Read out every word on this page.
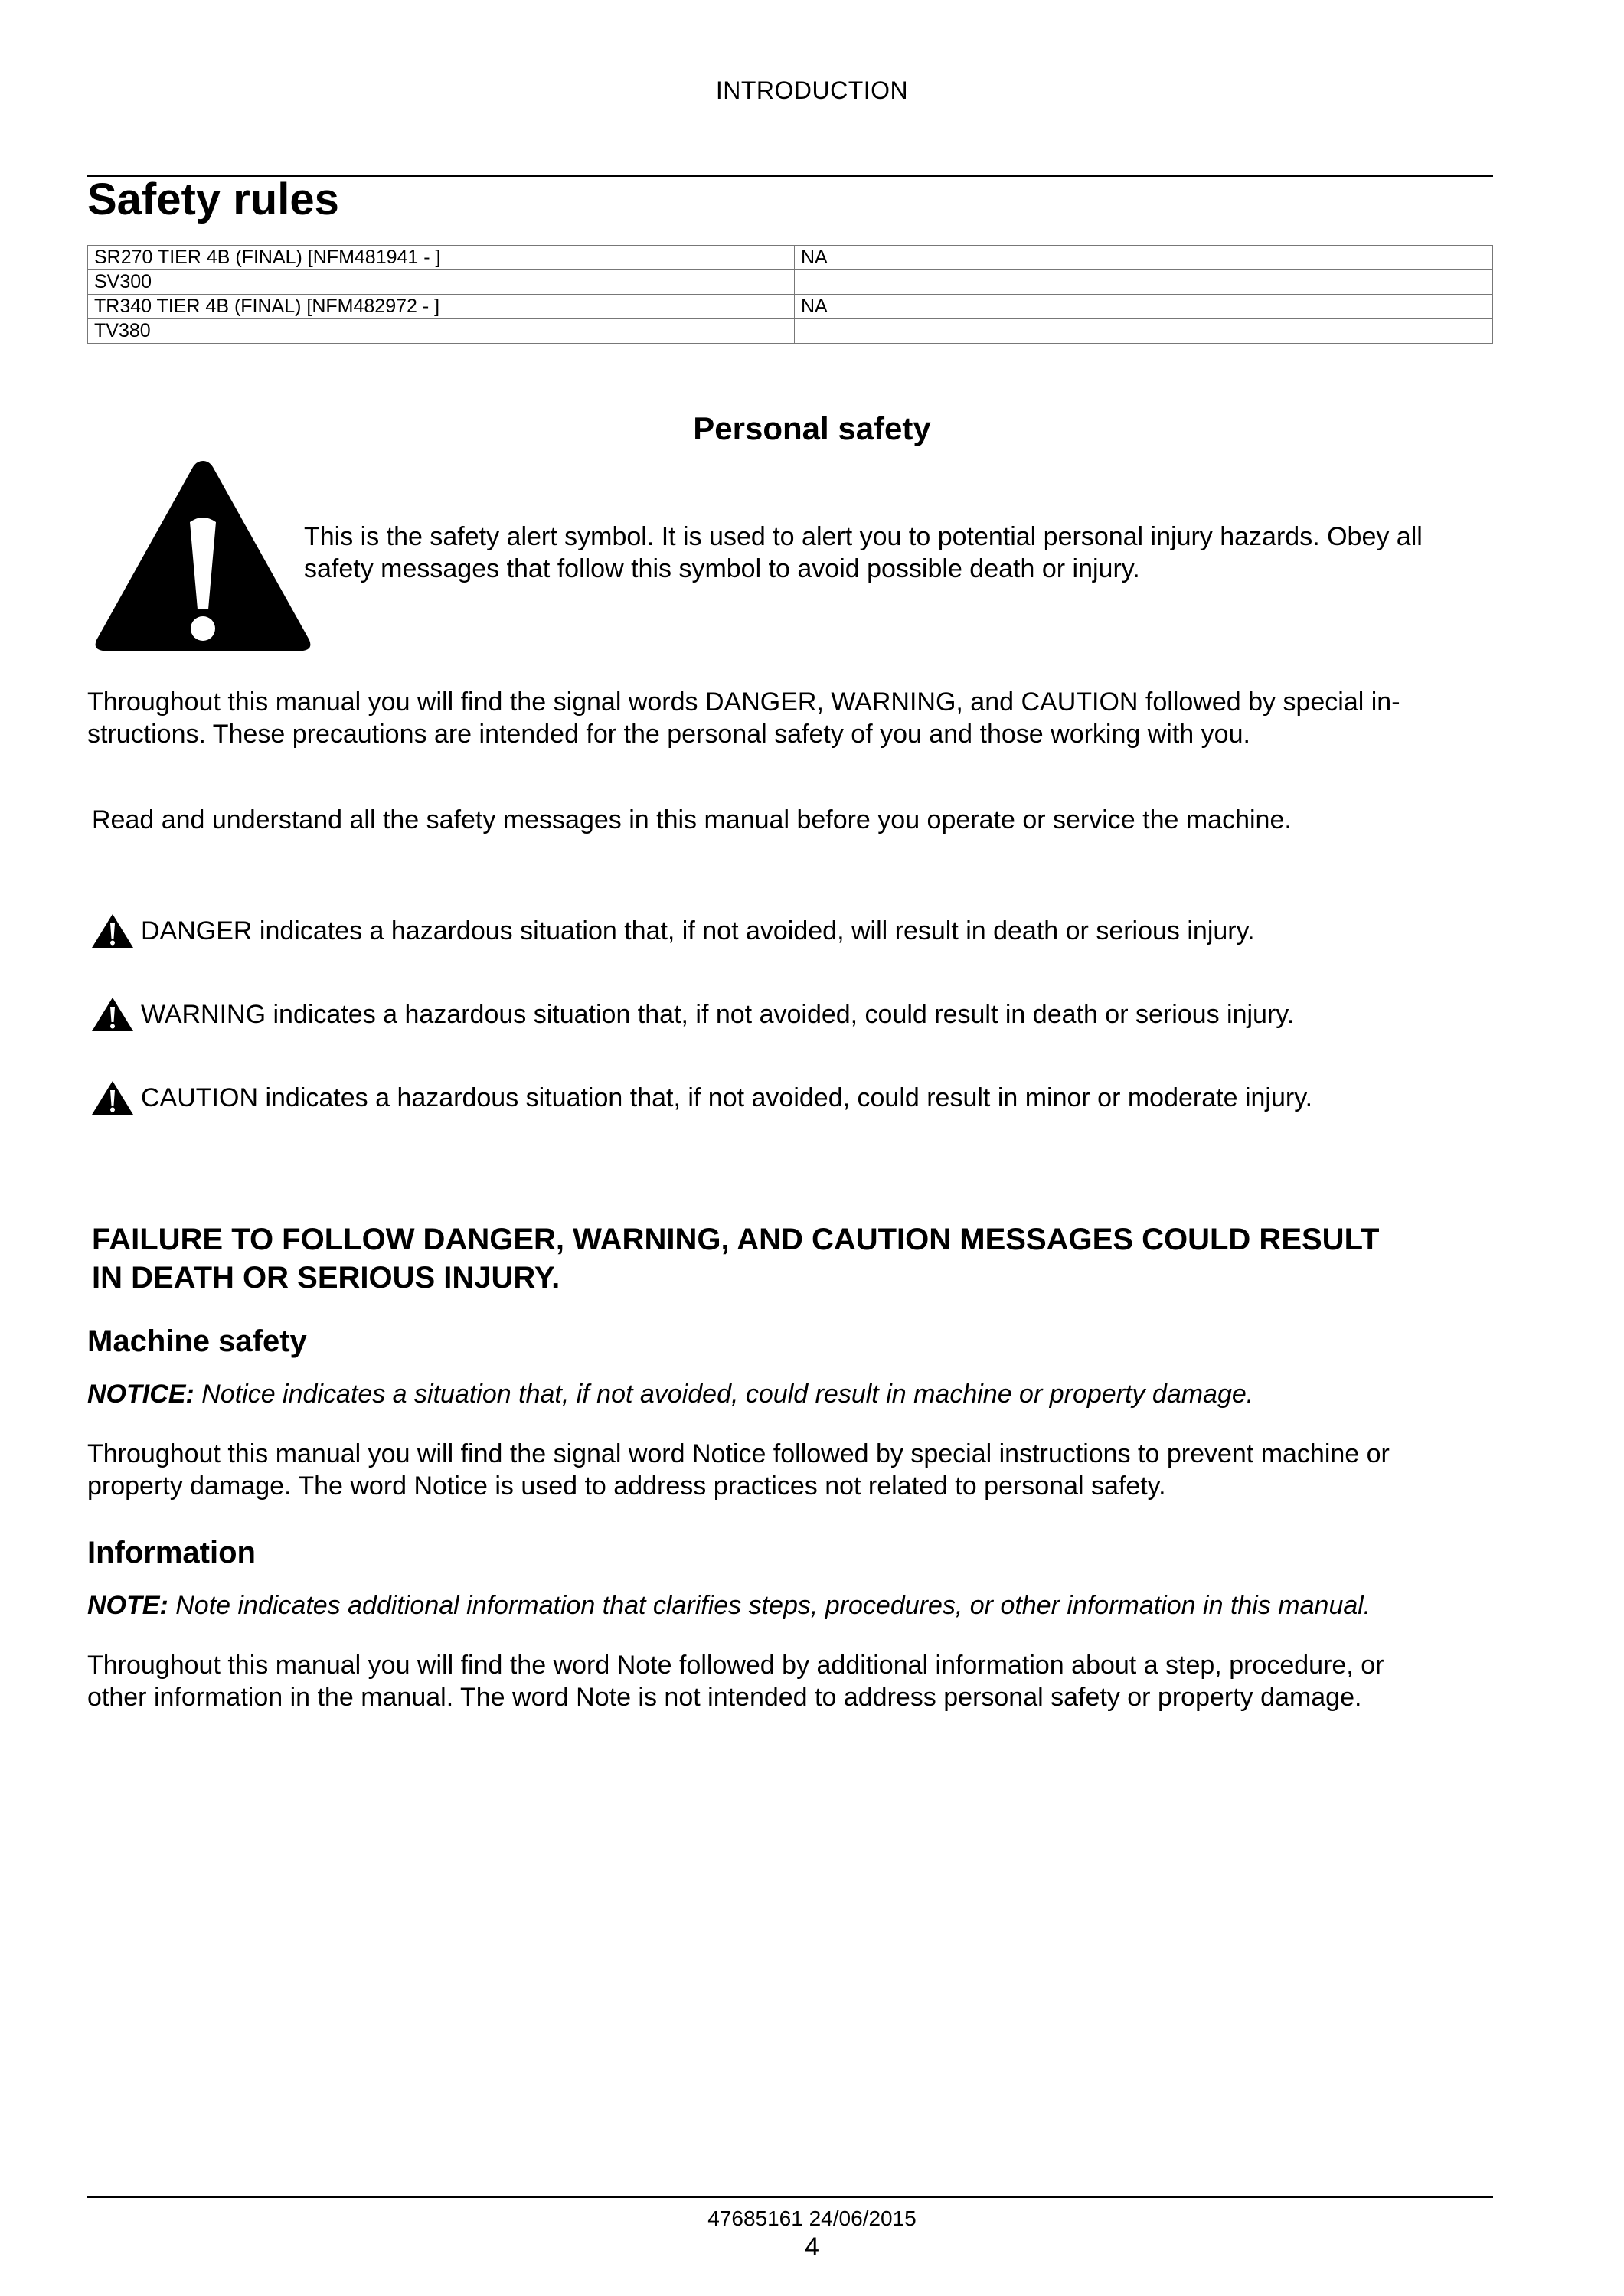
INTRODUCTION
Safety rules
SR270 TIER 4B (FINAL) [NFM481941 - ]	NA
SV300	
TR340 TIER 4B (FINAL) [NFM482972 - ]	NA
TV380	
Personal safety
This is the safety alert symbol. It is used to alert you to potential personal injury hazards. Obey all
safety messages that follow this symbol to avoid possible death or injury.
Throughout this manual you will find the signal words DANGER, WARNING, and CAUTION followed by special in-
structions. These precautions are intended for the personal safety of you and those working with you.
Read and understand all the safety messages in this manual before you operate or service the machine.
DANGER indicates a hazardous situation that, if not avoided, will result in death or serious injury.
WARNING indicates a hazardous situation that, if not avoided, could result in death or serious injury.
CAUTION indicates a hazardous situation that, if not avoided, could result in minor or moderate injury.
FAILURE TO FOLLOW DANGER, WARNING, AND CAUTION MESSAGES COULD RESULT
IN DEATH OR SERIOUS INJURY.
Machine safety
NOTICE: Notice indicates a situation that, if not avoided, could result in machine or property damage.
Throughout this manual you will find the signal word Notice followed by special instructions to prevent machine or
property damage. The word Notice is used to address practices not related to personal safety.
Information
NOTE: Note indicates additional information that clarifies steps, procedures, or other information in this manual.
Throughout this manual you will find the word Note followed by additional information about a step, procedure, or
other information in the manual. The word Note is not intended to address personal safety or property damage.
47685161 24/06/2015
4
